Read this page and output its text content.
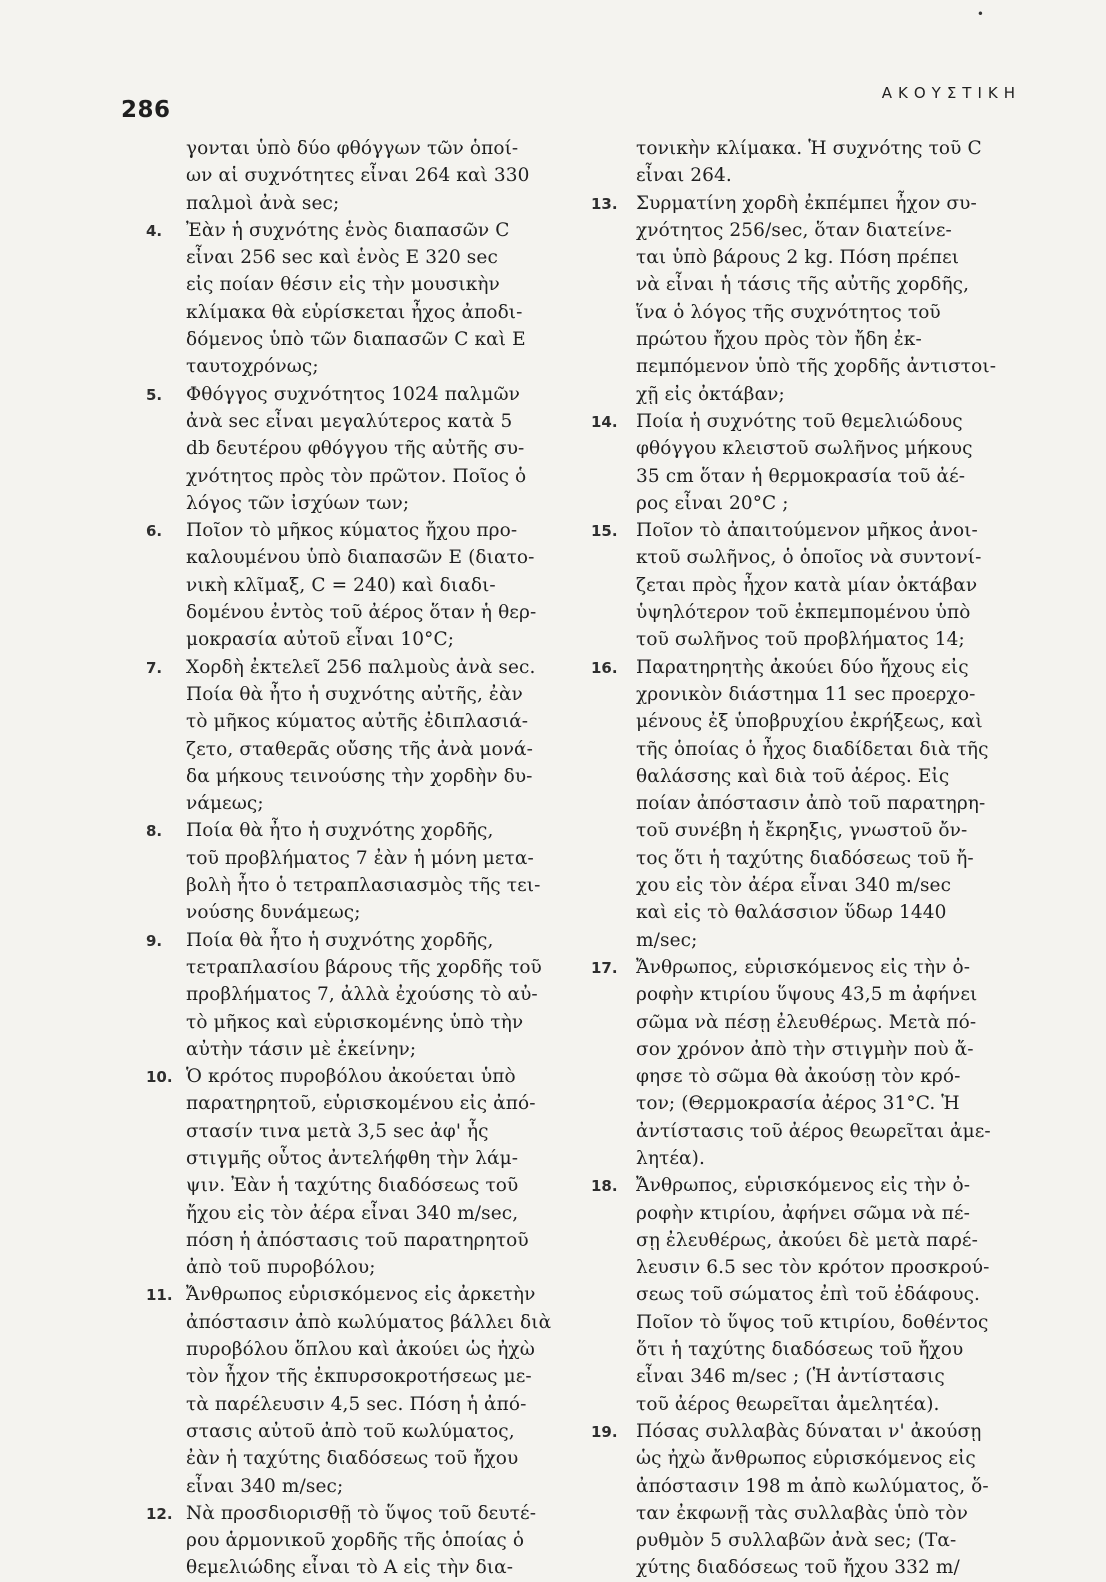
•
286
ΑΚΟΥΣΤΙΚΗ
γονται ὑπὸ δύο φθόγγων τῶν ὁποί-
ων αἱ συχνότητες εἶναι 264 καὶ 330
παλμοὶ ἀνὰ sec;
4.	Ἐὰν ἡ συχνότης ἑνὸς διαπασῶν C
εἶναι 256 sec καὶ ἑνὸς E 320 sec
εἰς ποίαν θέσιν εἰς τὴν μουσικὴν
κλίμακα θὰ εὑρίσκεται ἦχος ἀποδι-
δόμενος ὑπὸ τῶν διαπασῶν C καὶ E
ταυτοχρόνως;
5.	Φθόγγος συχνότητος 1024 παλμῶν
ἀνὰ sec εἶναι μεγαλύτερος κατὰ 5
db δευτέρου φθόγγου τῆς αὐτῆς συ-
χνότητος πρὸς τὸν πρῶτον. Ποῖος ὁ
λόγος τῶν ἰσχύων των;
6.	Ποῖον τὸ μῆκος κύματος ἤχου προ-
καλουμένου ὑπὸ διαπασῶν E (διατο-
νικὴ κλῖμαξ, C = 240) καὶ διαδι-
δομένου ἐντὸς τοῦ ἀέρος ὅταν ἡ θερ-
μοκρασία αὐτοῦ εἶναι 10°C;
7.	Χορδὴ ἐκτελεῖ 256 παλμοὺς ἀνὰ sec.
Ποία θὰ ἦτο ἡ συχνότης αὐτῆς, ἐὰν
τὸ μῆκος κύματος αὐτῆς ἐδιπλασιά-
ζετο, σταθερᾶς οὔσης τῆς ἀνὰ μονά-
δα μήκους τεινούσης τὴν χορδὴν δυ-
νάμεως;
8.	Ποία θὰ ἦτο ἡ συχνότης χορδῆς,
τοῦ προβλήματος 7 ἐὰν ἡ μόνη μετα-
βολὴ ἦτο ὁ τετραπλασιασμὸς τῆς τει-
νούσης δυνάμεως;
9.	Ποία θὰ ἦτο ἡ συχνότης χορδῆς,
τετραπλασίου βάρους τῆς χορδῆς τοῦ
προβλήματος 7, ἀλλὰ ἐχούσης τὸ αὐ-
τὸ μῆκος καὶ εὑρισκομένης ὑπὸ τὴν
αὐτὴν τάσιν μὲ ἐκείνην;
10. Ὁ κρότος πυροβόλου ἀκούεται ὑπὸ
παρατηρητοῦ, εὑρισκομένου εἰς ἀπό-
στασίν τινα μετὰ 3,5 sec ἀφ' ἧς
στιγμῆς οὗτος ἀντελήφθη τὴν λάμ-
ψιν. Ἐὰν ἡ ταχύτης διαδόσεως τοῦ
ἤχου εἰς τὸν ἀέρα εἶναι 340 m/sec,
πόση ἡ ἀπόστασις τοῦ παρατηρητοῦ
ἀπὸ τοῦ πυροβόλου;
11. Ἄνθρωπος εὑρισκόμενος εἰς ἀρκετὴν
ἀπόστασιν ἀπὸ κωλύματος βάλλει διὰ
πυροβόλου ὅπλου καὶ ἀκούει ὡς ἠχὼ
τὸν ἦχον τῆς ἐκπυρσοκροτήσεως με-
τὰ παρέλευσιν 4,5 sec. Πόση ἡ ἀπό-
στασις αὐτοῦ ἀπὸ τοῦ κωλύματος,
ἐὰν ἡ ταχύτης διαδόσεως τοῦ ἤχου
εἶναι 340 m/sec;
12. Νὰ προσδιορισθῇ τὸ ὕψος τοῦ δευτέ-
ρου ἁρμονικοῦ χορδῆς τῆς ὁποίας ὁ
θεμελιώδης εἶναι τὸ A εἰς τὴν δια-
τονικὴν κλίμακα. Ἡ συχνότης τοῦ C
εἶναι 264.
13. Συρματίνη χορδὴ ἐκπέμπει ἦχον συ-
χνότητος 256/sec, ὅταν διατείνε-
ται ὑπὸ βάρους 2 kg. Πόση πρέπει
νὰ εἶναι ἡ τάσις τῆς αὐτῆς χορδῆς,
ἵνα ὁ λόγος τῆς συχνότητος τοῦ
πρώτου ἤχου πρὸς τὸν ἤδη ἐκ-
πεμπόμενον ὑπὸ τῆς χορδῆς ἀντιστοι-
χῇ εἰς ὀκτάβαν;
14. Ποία ἡ συχνότης τοῦ θεμελιώδους
φθόγγου κλειστοῦ σωλῆνος μήκους
35 cm ὅταν ἡ θερμοκρασία τοῦ ἀέ-
ρος εἶναι 20°C ;
15. Ποῖον τὸ ἀπαιτούμενον μῆκος ἀνοι-
κτοῦ σωλῆνος, ὁ ὁποῖος νὰ συντονί-
ζεται πρὸς ἦχον κατὰ μίαν ὀκτάβαν
ὑψηλότερον τοῦ ἐκπεμπομένου ὑπὸ
τοῦ σωλῆνος τοῦ προβλήματος 14;
16. Παρατηρητὴς ἀκούει δύο ἤχους εἰς
χρονικὸν διάστημα 11 sec προερχο-
μένους ἐξ ὑποβρυχίου ἐκρήξεως, καὶ
τῆς ὁποίας ὁ ἦχος διαδίδεται διὰ τῆς
θαλάσσης καὶ διὰ τοῦ ἀέρος. Εἰς
ποίαν ἀπόστασιν ἀπὸ τοῦ παρατηρη-
τοῦ συνέβη ἡ ἔκρηξις, γνωστοῦ ὄν-
τος ὅτι ἡ ταχύτης διαδόσεως τοῦ ἤ-
χου εἰς τὸν ἀέρα εἶναι 340 m/sec
καὶ εἰς τὸ θαλάσσιον ὕδωρ 1440
m/sec;
17. Ἄνθρωπος, εὑρισκόμενος εἰς τὴν ὀ-
ροφὴν κτιρίου ὕψους 43,5 m ἀφήνει
σῶμα νὰ πέσῃ ἐλευθέρως. Μετὰ πό-
σον χρόνον ἀπὸ τὴν στιγμὴν ποὺ ἄ-
φησε τὸ σῶμα θὰ ἀκούσῃ τὸν κρό-
τον; (Θερμοκρασία ἀέρος 31°C. Ἡ
ἀντίστασις τοῦ ἀέρος θεωρεῖται ἀμε-
λητέα).
18. Ἄνθρωπος, εὑρισκόμενος εἰς τὴν ὀ-
ροφὴν κτιρίου, ἀφήνει σῶμα νὰ πέ-
σῃ ἐλευθέρως, ἀκούει δὲ μετὰ παρέ-
λευσιν 6.5 sec τὸν κρότον προσκρού-
σεως τοῦ σώματος ἐπὶ τοῦ ἐδάφους.
Ποῖον τὸ ὕψος τοῦ κτιρίου, δοθέντος
ὅτι ἡ ταχύτης διαδόσεως τοῦ ἤχου
εἶναι 346 m/sec ; (Ἡ ἀντίστασις
τοῦ ἀέρος θεωρεῖται ἀμελητέα).
19. Πόσας συλλαβὰς δύναται ν' ἀκούσῃ
ὡς ἠχὼ ἄνθρωπος εὑρισκόμενος εἰς
ἀπόστασιν 198 m ἀπὸ κωλύματος, ὅ-
ταν ἐκφωνῇ τὰς συλλαβὰς ὑπὸ τὸν
ρυθμὸν 5 συλλαβῶν ἀνὰ sec; (Τα-
χύτης διαδόσεως τοῦ ἤχου 332 m/
